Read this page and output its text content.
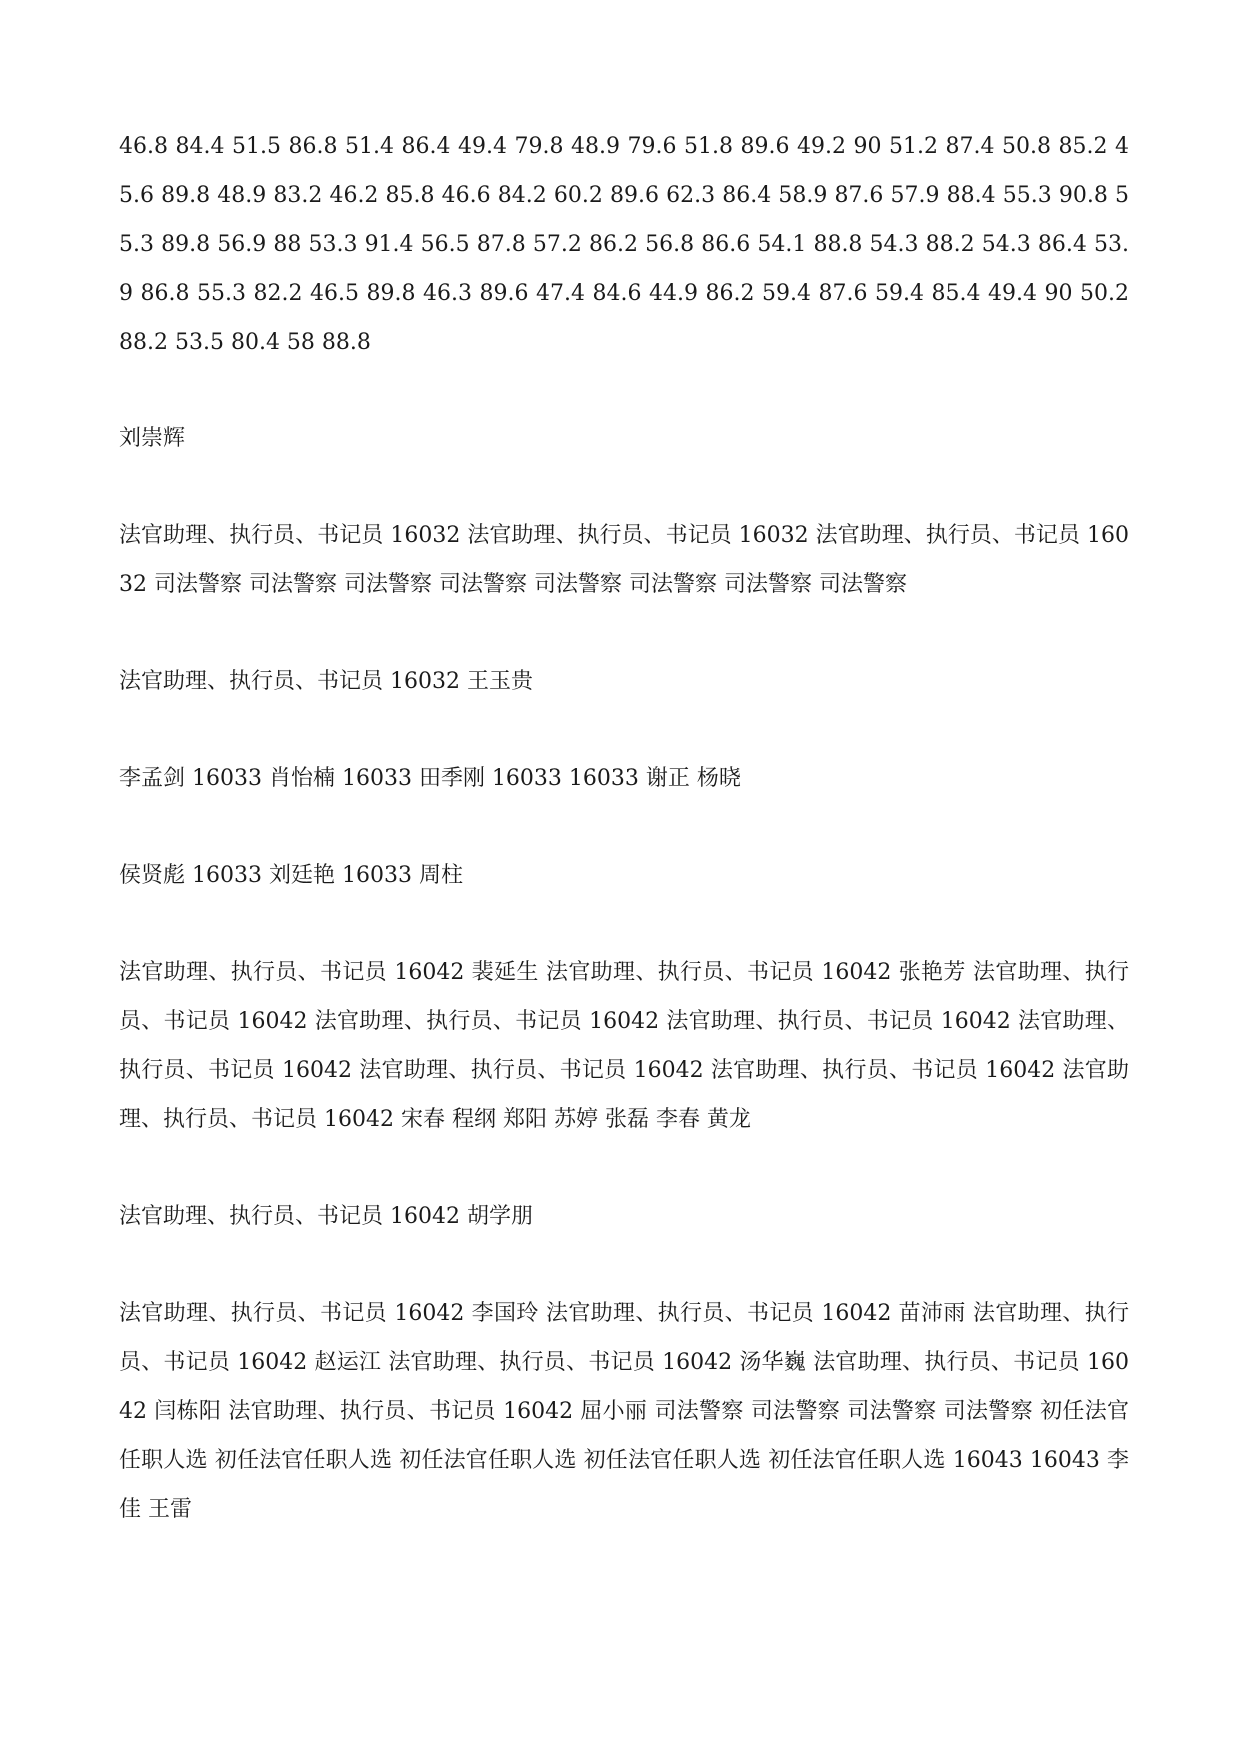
46.8 84.4 51.5 86.8 51.4 86.4 49.4 79.8 48.9 79.6 51.8 89.6 49.2 90 51.2 87.4 50.8 85.2 45.6 89.8 48.9 83.2 46.2 85.8 46.6 84.2 60.2 89.6 62.3 86.4 58.9 87.6 57.9 88.4 55.3 90.8 55.3 89.8 56.9 88 53.3 91.4 56.5 87.8 57.2 86.2 56.8 86.6 54.1 88.8 54.3 88.2 54.3 86.4 53.9 86.8 55.3 82.2 46.5 89.8 46.3 89.6 47.4 84.6 44.9 86.2 59.4 87.6 59.4 85.4 49.4 90 50.2 88.2 53.5 80.4 58 88.8

刘崇辉

法官助理、执行员、书记员 16032 法官助理、执行员、书记员 16032 法官助理、执行员、书记员 16032 司法警察 司法警察 司法警察 司法警察 司法警察 司法警察 司法警察 司法警察

法官助理、执行员、书记员 16032 王玉贵

李孟剑 16033 肖怡楠 16033 田季刚 16033 16033 谢正 杨晓

侯贤彪 16033 刘廷艳 16033 周柱

法官助理、执行员、书记员 16042 裴延生 法官助理、执行员、书记员 16042 张艳芳 法官助理、执行员、书记员 16042 法官助理、执行员、书记员 16042 法官助理、执行员、书记员 16042 法官助理、执行员、书记员 16042 法官助理、执行员、书记员 16042 法官助理、执行员、书记员 16042 法官助理、执行员、书记员 16042 宋春 程纲 郑阳 苏婷 张磊 李春 黄龙

法官助理、执行员、书记员 16042 胡学朋

法官助理、执行员、书记员 16042 李国玲 法官助理、执行员、书记员 16042 苗沛雨 法官助理、执行员、书记员 16042 赵运江 法官助理、执行员、书记员 16042 汤华巍 法官助理、执行员、书记员 16042 闫栋阳 法官助理、执行员、书记员 16042 屈小丽 司法警察 司法警察 司法警察 司法警察 初任法官任职人选 初任法官任职人选 初任法官任职人选 初任法官任职人选 初任法官任职人选 16043 16043 李佳 王雷
